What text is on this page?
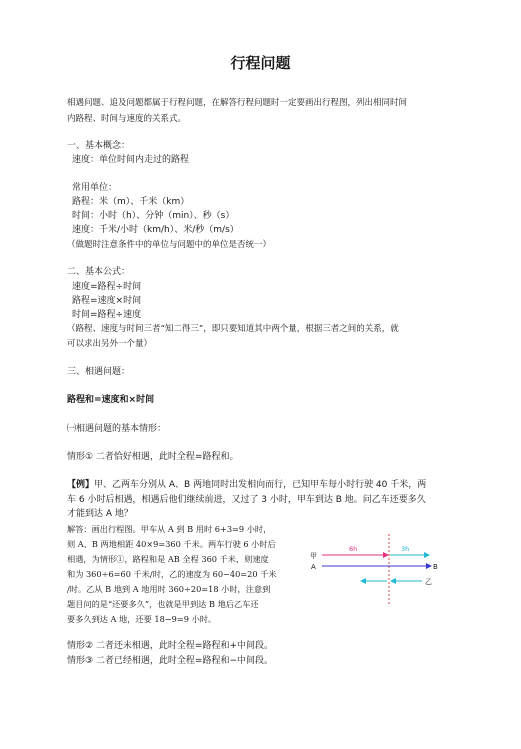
行程问题
相遇问题、追及问题都属于行程问题，在解答行程问题时一定要画出行程图，列出相同时间
内路程、时间与速度的关系式。
一、基本概念：
速度：单位时间内走过的路程
常用单位：
路程：米（m）、千米（km）
时间：小时（h）、分钟（min）、秒（s）
速度：千米/小时（km/h）、米/秒（m/s）
（做题时注意条件中的单位与问题中的单位是否统一）
二、基本公式：
速度=路程÷时间
路程=速度×时间
时间=路程÷速度
（路程、速度与时间三者“知二得三”，即只要知道其中两个量，根据三者之间的关系，就
可以求出另外一个量）
三、相遇问题：
路程和=速度和×时间
㈠相遇问题的基本情形：
情形① 二者恰好相遇，此时全程=路程和。
【例】甲、乙两车分别从 A、B 两地同时出发相向而行，已知甲车每小时行驶 40 千米，两
车 6 小时后相遇，相遇后他们继续前进，又过了 3 小时，甲车到达 B 地。问乙车还要多久
才能到达 A 地？
解答：画出行程图。甲车从 A 到 B 用时 6+3=9 小时，
则 A、B 两地相距 40×9=360 千米。两车行驶 6 小时后
相遇，为情形①，路程和是 AB 全程 360 千米，则速度
和为 360÷6=60 千米/时，乙的速度为 60−40=20 千米
/时。乙从 B 地到 A 地用时 360÷20=18 小时，注意到
题目问的是“还要多久”，也就是甲到达 B 地后乙车还
要多久到达 A 地，还要 18−9=9 小时。
情形② 二者还未相遇，此时全程=路程和+中间段。
情形③ 二者已经相遇，此时全程=路程和−中间段。
甲
A	B
乙
6h	3h
